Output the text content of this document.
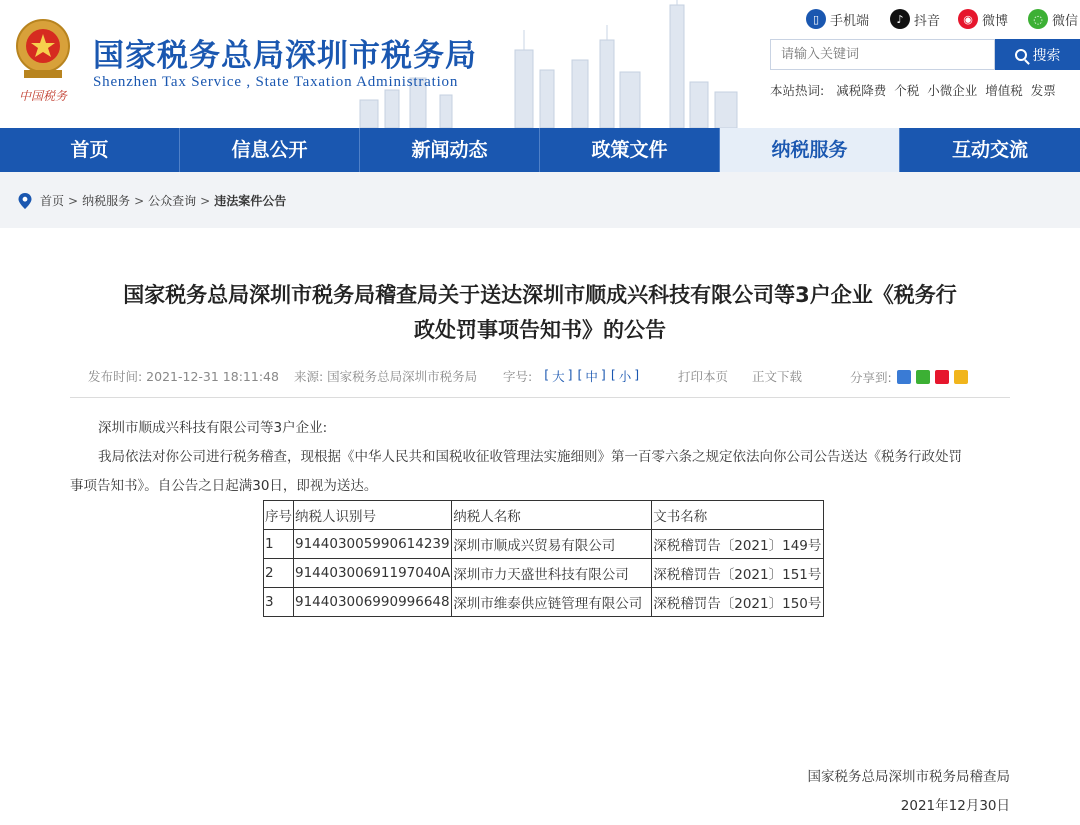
中国税务
国家税务总局深圳市税务局
Shenzhen Tax Service , State Taxation Administration
▯ 手机端	♪ 抖音	◉ 微博	◌ 微信
请输入关键词
搜索
本站热词: 减税降费 个税 小微企业 增值税 发票
首页	信息公开	新闻动态	政策文件	纳税服务	互动交流
首页 > 纳税服务 > 公众查询 > 违法案件公告
国家税务总局深圳市税务局稽查局关于送达深圳市顺成兴科技有限公司等3户企业《税务行
政处罚事项告知书》的公告
发布时间: 2021-12-31 18:11:48 来源: 国家税务总局深圳市税务局 字号: [ 大 ] [ 中 ] [ 小 ]	打印本页 正文下载	分享到:
深圳市顺成兴科技有限公司等3户企业:
我局依法对你公司进行税务稽查，现根据《中华人民共和国税收征收管理法实施细则》第一百零六条之规定依法向你公司公告送达《税务行政处罚
事项告知书》。自公告之日起满30日，即视为送达。
序号	纳税人识别号	纳税人名称	文书名称
1	914403005990614239	深圳市顺成兴贸易有限公司	深税稽罚告〔2021〕149号
2	91440300691197040A	深圳市力天盛世科技有限公司	深税稽罚告〔2021〕151号
3	914403006990996648	深圳市维泰供应链管理有限公司	深税稽罚告〔2021〕150号
国家税务总局深圳市税务局稽查局
2021年12月30日
